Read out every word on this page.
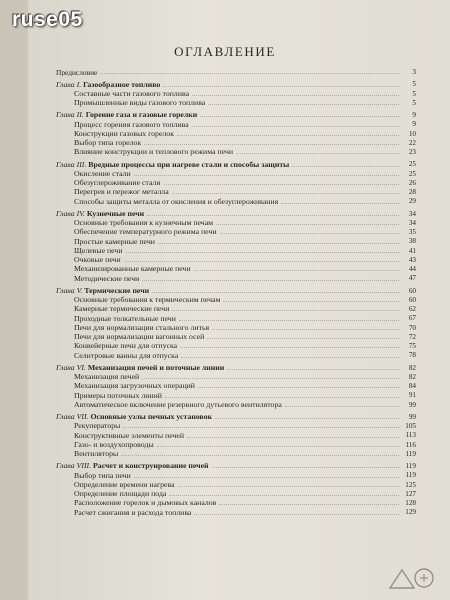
ruse05
ОГЛАВЛЕНИЕ
Предисловие	3
Глава I. Газообразное топливо	5
Составные части газового топлива	5
Промышленные виды газового топлива	5
Глава II. Горение газа и газовые горелки	9
Процесс горения газового топлива	9
Конструкции газовых горелок	10
Выбор типа горелок	22
Влияние конструкции и теплового режима печи	23
Глава III. Вредные процессы при нагреве стали и способы защиты	25
Окисление стали	25
Обезуглероживание стали	26
Перегрев и пережог металла	28
Способы защиты металла от окисления и обезуглероживания	29
Глава IV. Кузнечные печи	34
Основные требования к кузнечным печам	34
Обеспечение температурного режима печи	35
Простые камерные печи	38
Щелевые печи	41
Очковые печи	43
Механизированные камерные печи	44
Методические печи	47
Глава V. Термические печи	60
Основные требования к термическим печам	60
Камерные термические печи	62
Проходные толкательные печи	67
Печи для нормализации стального литья	70
Печи для нормализации вагонных осей	72
Конвейерные печи для отпуска	75
Селитровые ванны для отпуска	78
Глава VI. Механизация печей и поточные линии	82
Механизация печей	82
Механизация загрузочных операций	84
Примеры поточных линий	91
Автоматическое включение резервного дутьевого вентилятора	99
Глава VII. Основные узлы печных установок	99
Рекуператоры	105
Конструктивные элементы печей	113
Газо- и воздухопроводы	116
Вентиляторы	119
Глава VIII. Расчет и конструирование печей	119
Выбор типа печи	119
Определение времени нагрева	125
Определение площади пода	127
Расположение горелок и дымовых каналов	128
Расчет сжигания и расхода топлива	129
